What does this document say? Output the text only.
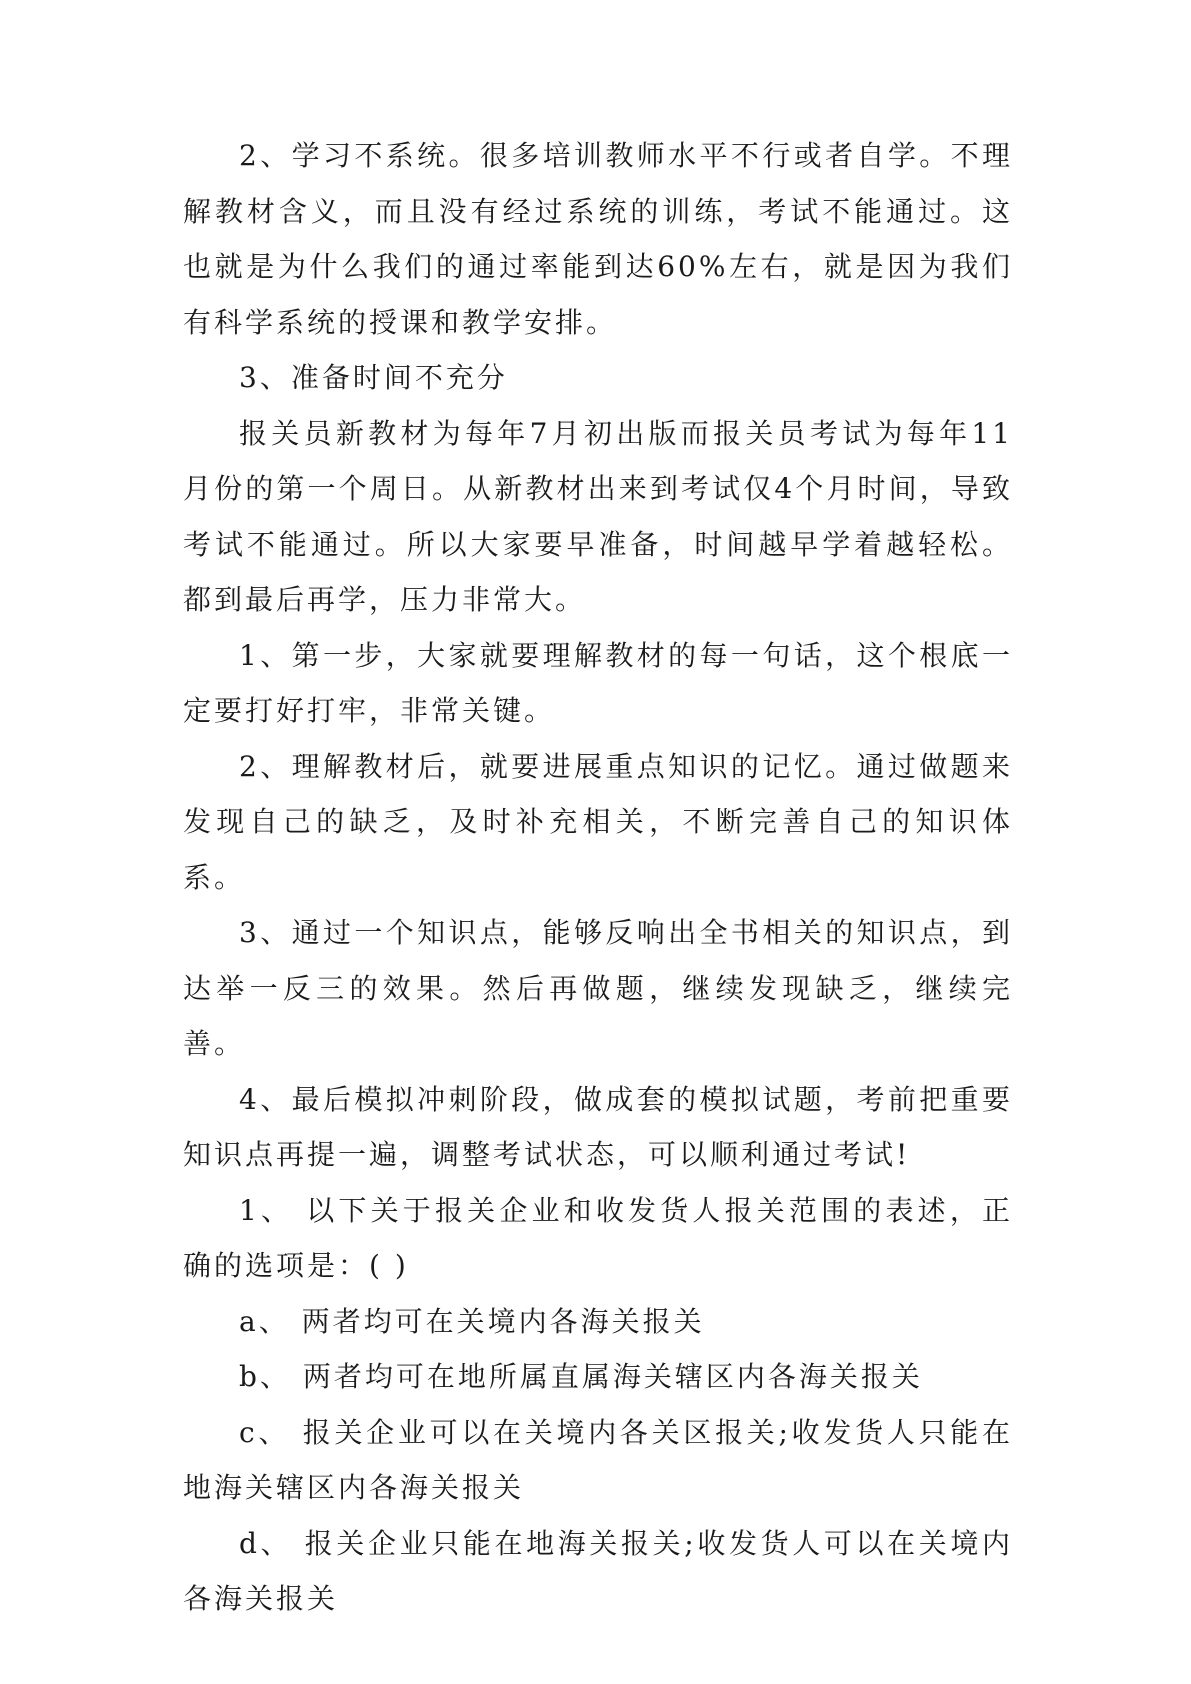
2、学习不系统。很多培训教师水平不行或者自学。不理解教材含义，而且没有经过系统的训练，考试不能通过。这也就是为什么我们的通过率能到达60%左右，就是因为我们有科学系统的授课和教学安排。

3、准备时间不充分

报关员新教材为每年7月初出版而报关员考试为每年11月份的第一个周日。从新教材出来到考试仅4个月时间，导致考试不能通过。所以大家要早准备，时间越早学着越轻松。都到最后再学，压力非常大。

1、第一步，大家就要理解教材的每一句话，这个根底一定要打好打牢，非常关键。

2、理解教材后，就要进展重点知识的记忆。通过做题来发现自己的缺乏，及时补充相关，不断完善自己的知识体系。

3、通过一个知识点，能够反响出全书相关的知识点，到达举一反三的效果。然后再做题，继续发现缺乏，继续完善。

4、最后模拟冲刺阶段，做成套的模拟试题，考前把重要知识点再提一遍，调整考试状态，可以顺利通过考试!

1、 以下关于报关企业和收发货人报关范围的表述，正确的选项是：( )

a、 两者均可在关境内各海关报关

b、 两者均可在地所属直属海关辖区内各海关报关

c、 报关企业可以在关境内各关区报关;收发货人只能在地海关辖区内各海关报关

d、 报关企业只能在地海关报关;收发货人可以在关境内各海关报关
